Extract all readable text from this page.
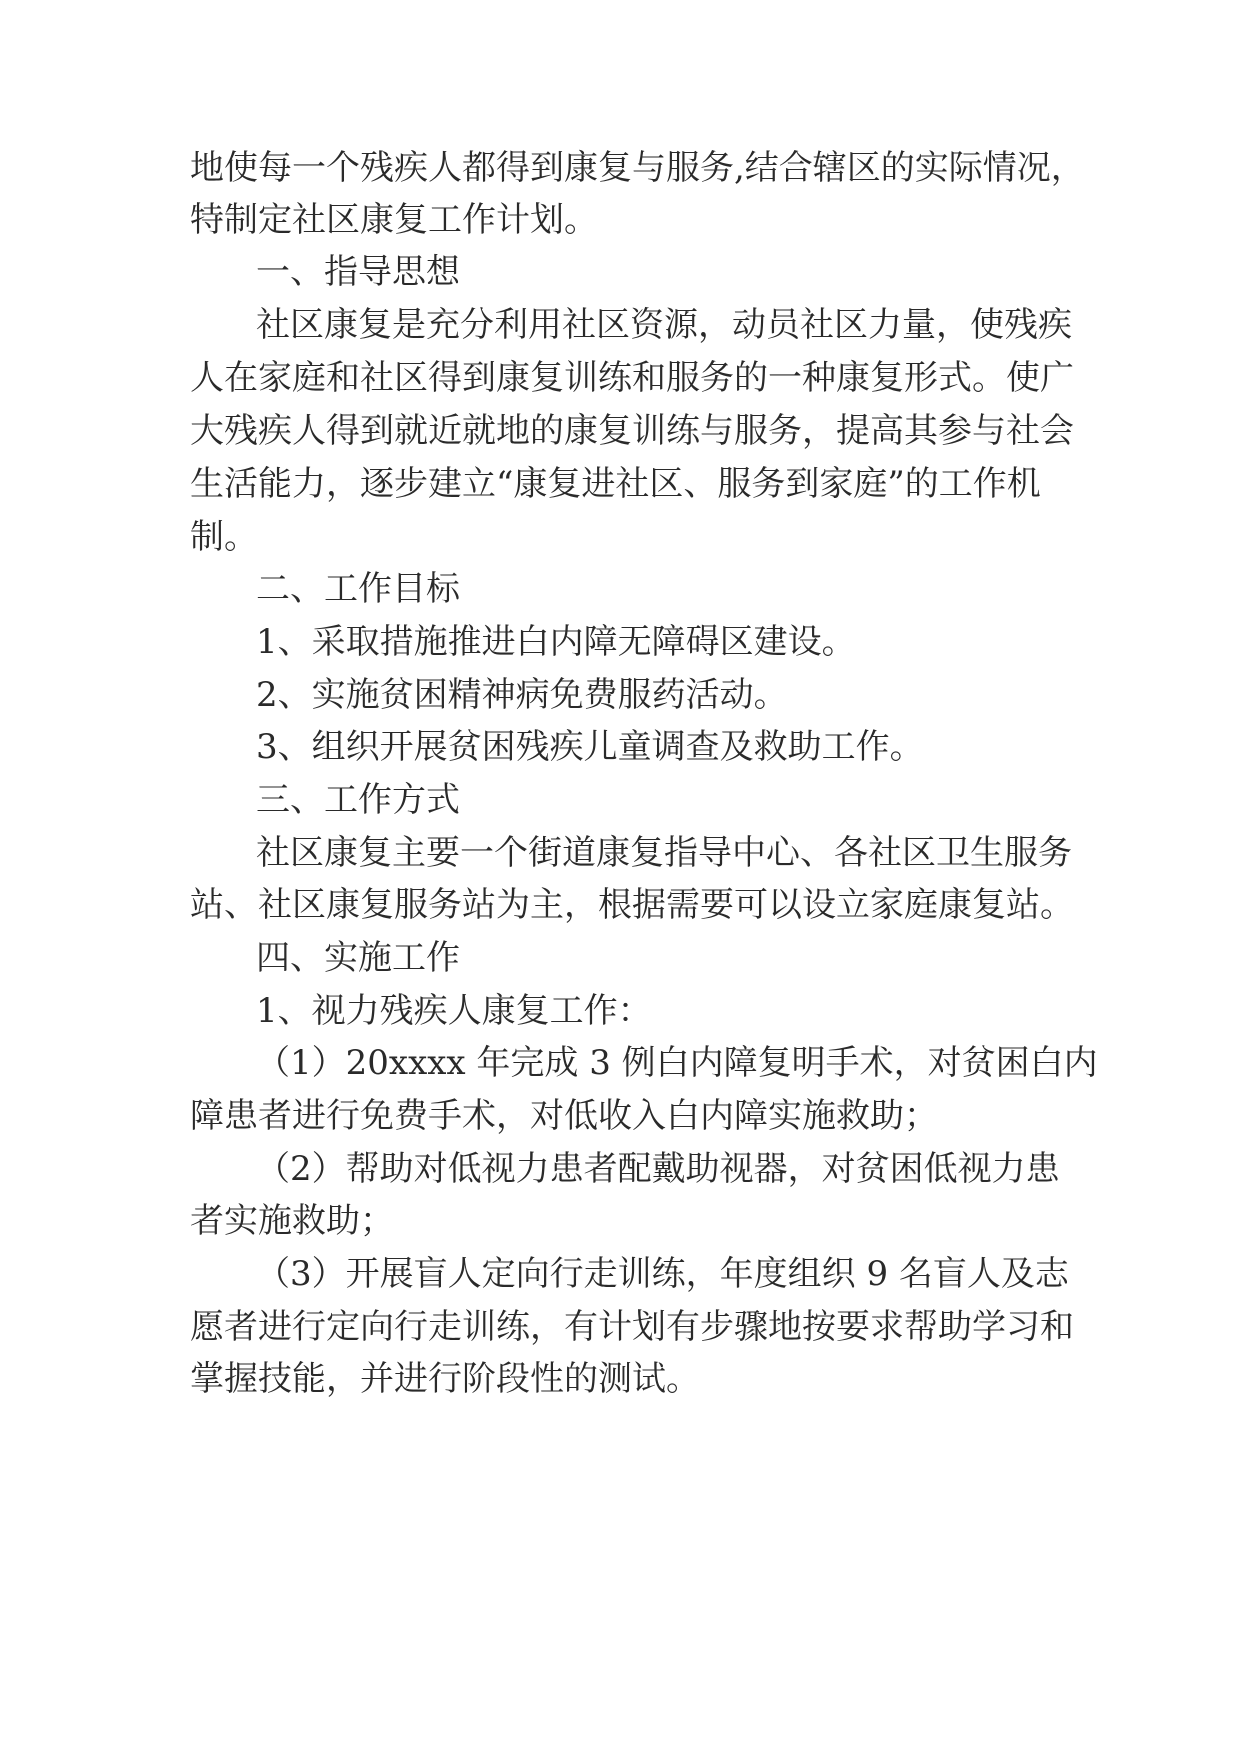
地使每一个残疾人都得到康复与服务,结合辖区的实际情况，
特制定社区康复工作计划。
一、指导思想
社区康复是充分利用社区资源，动员社区力量，使残疾
人在家庭和社区得到康复训练和服务的一种康复形式。使广
大残疾人得到就近就地的康复训练与服务，提高其参与社会
生活能力，逐步建立“康复进社区、服务到家庭”的工作机
制。
二、工作目标
1、采取措施推进白内障无障碍区建设。
2、实施贫困精神病免费服药活动。
3、组织开展贫困残疾儿童调查及救助工作。
三、工作方式
社区康复主要一个街道康复指导中心、各社区卫生服务
站、社区康复服务站为主，根据需要可以设立家庭康复站。
四、实施工作
1、视力残疾人康复工作：
（1）20xxxx 年完成 3 例白内障复明手术，对贫困白内
障患者进行免费手术，对低收入白内障实施救助；
（2）帮助对低视力患者配戴助视器，对贫困低视力患
者实施救助；
（3）开展盲人定向行走训练，年度组织 9 名盲人及志
愿者进行定向行走训练，有计划有步骤地按要求帮助学习和
掌握技能，并进行阶段性的测试。
